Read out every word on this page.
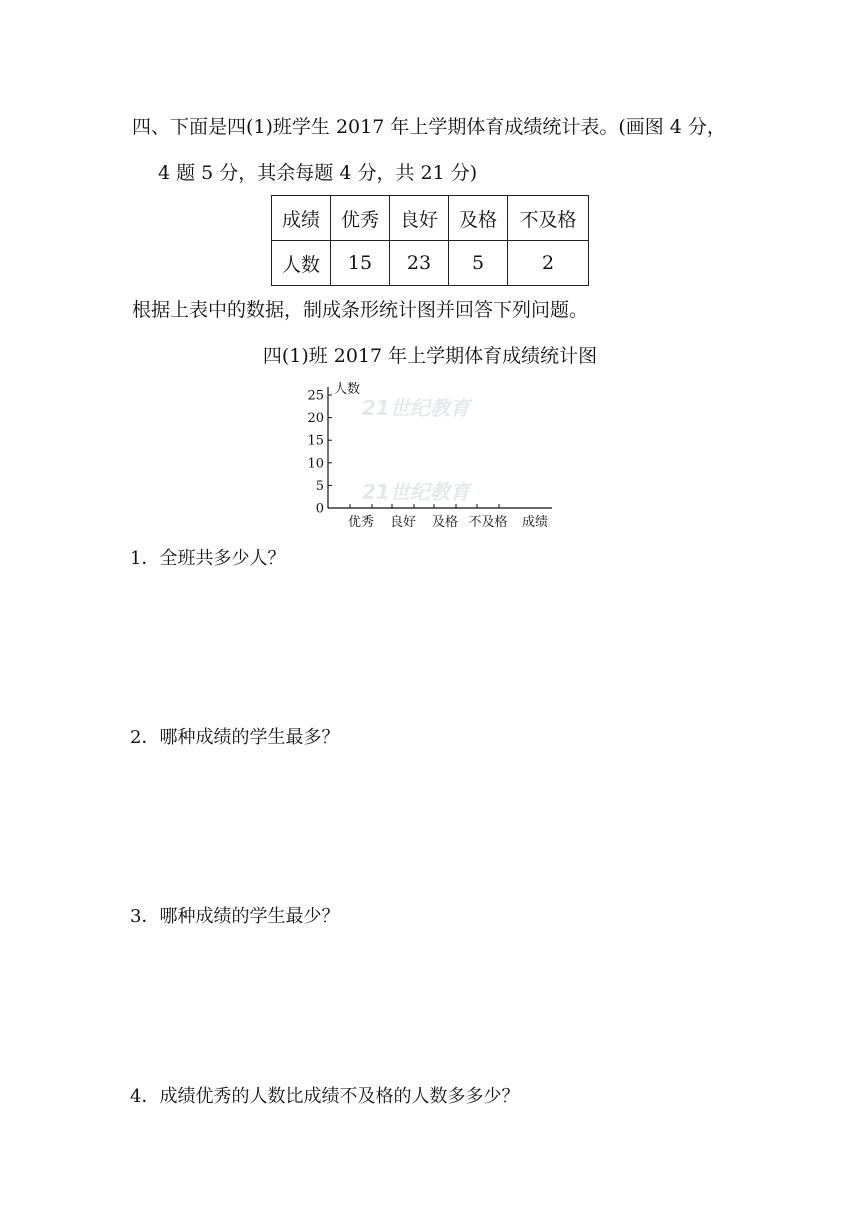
四、下面是四(1)班学生 2017 年上学期体育成绩统计表。(画图 4 分，
4 题 5 分，其余每题 4 分，共 21 分)
成绩	优秀	良好	及格	不及格
人数	15	23	5	2
根据上表中的数据，制成条形统计图并回答下列问题。
四(1)班 2017 年上学期体育成绩统计图
21世纪教育
21世纪教育
0
5
10
15
20
25
优秀 良好 及格 不及格
人数
成绩
1．全班共多少人？
2．哪种成绩的学生最多？
3．哪种成绩的学生最少？
4．成绩优秀的人数比成绩不及格的人数多多少？
